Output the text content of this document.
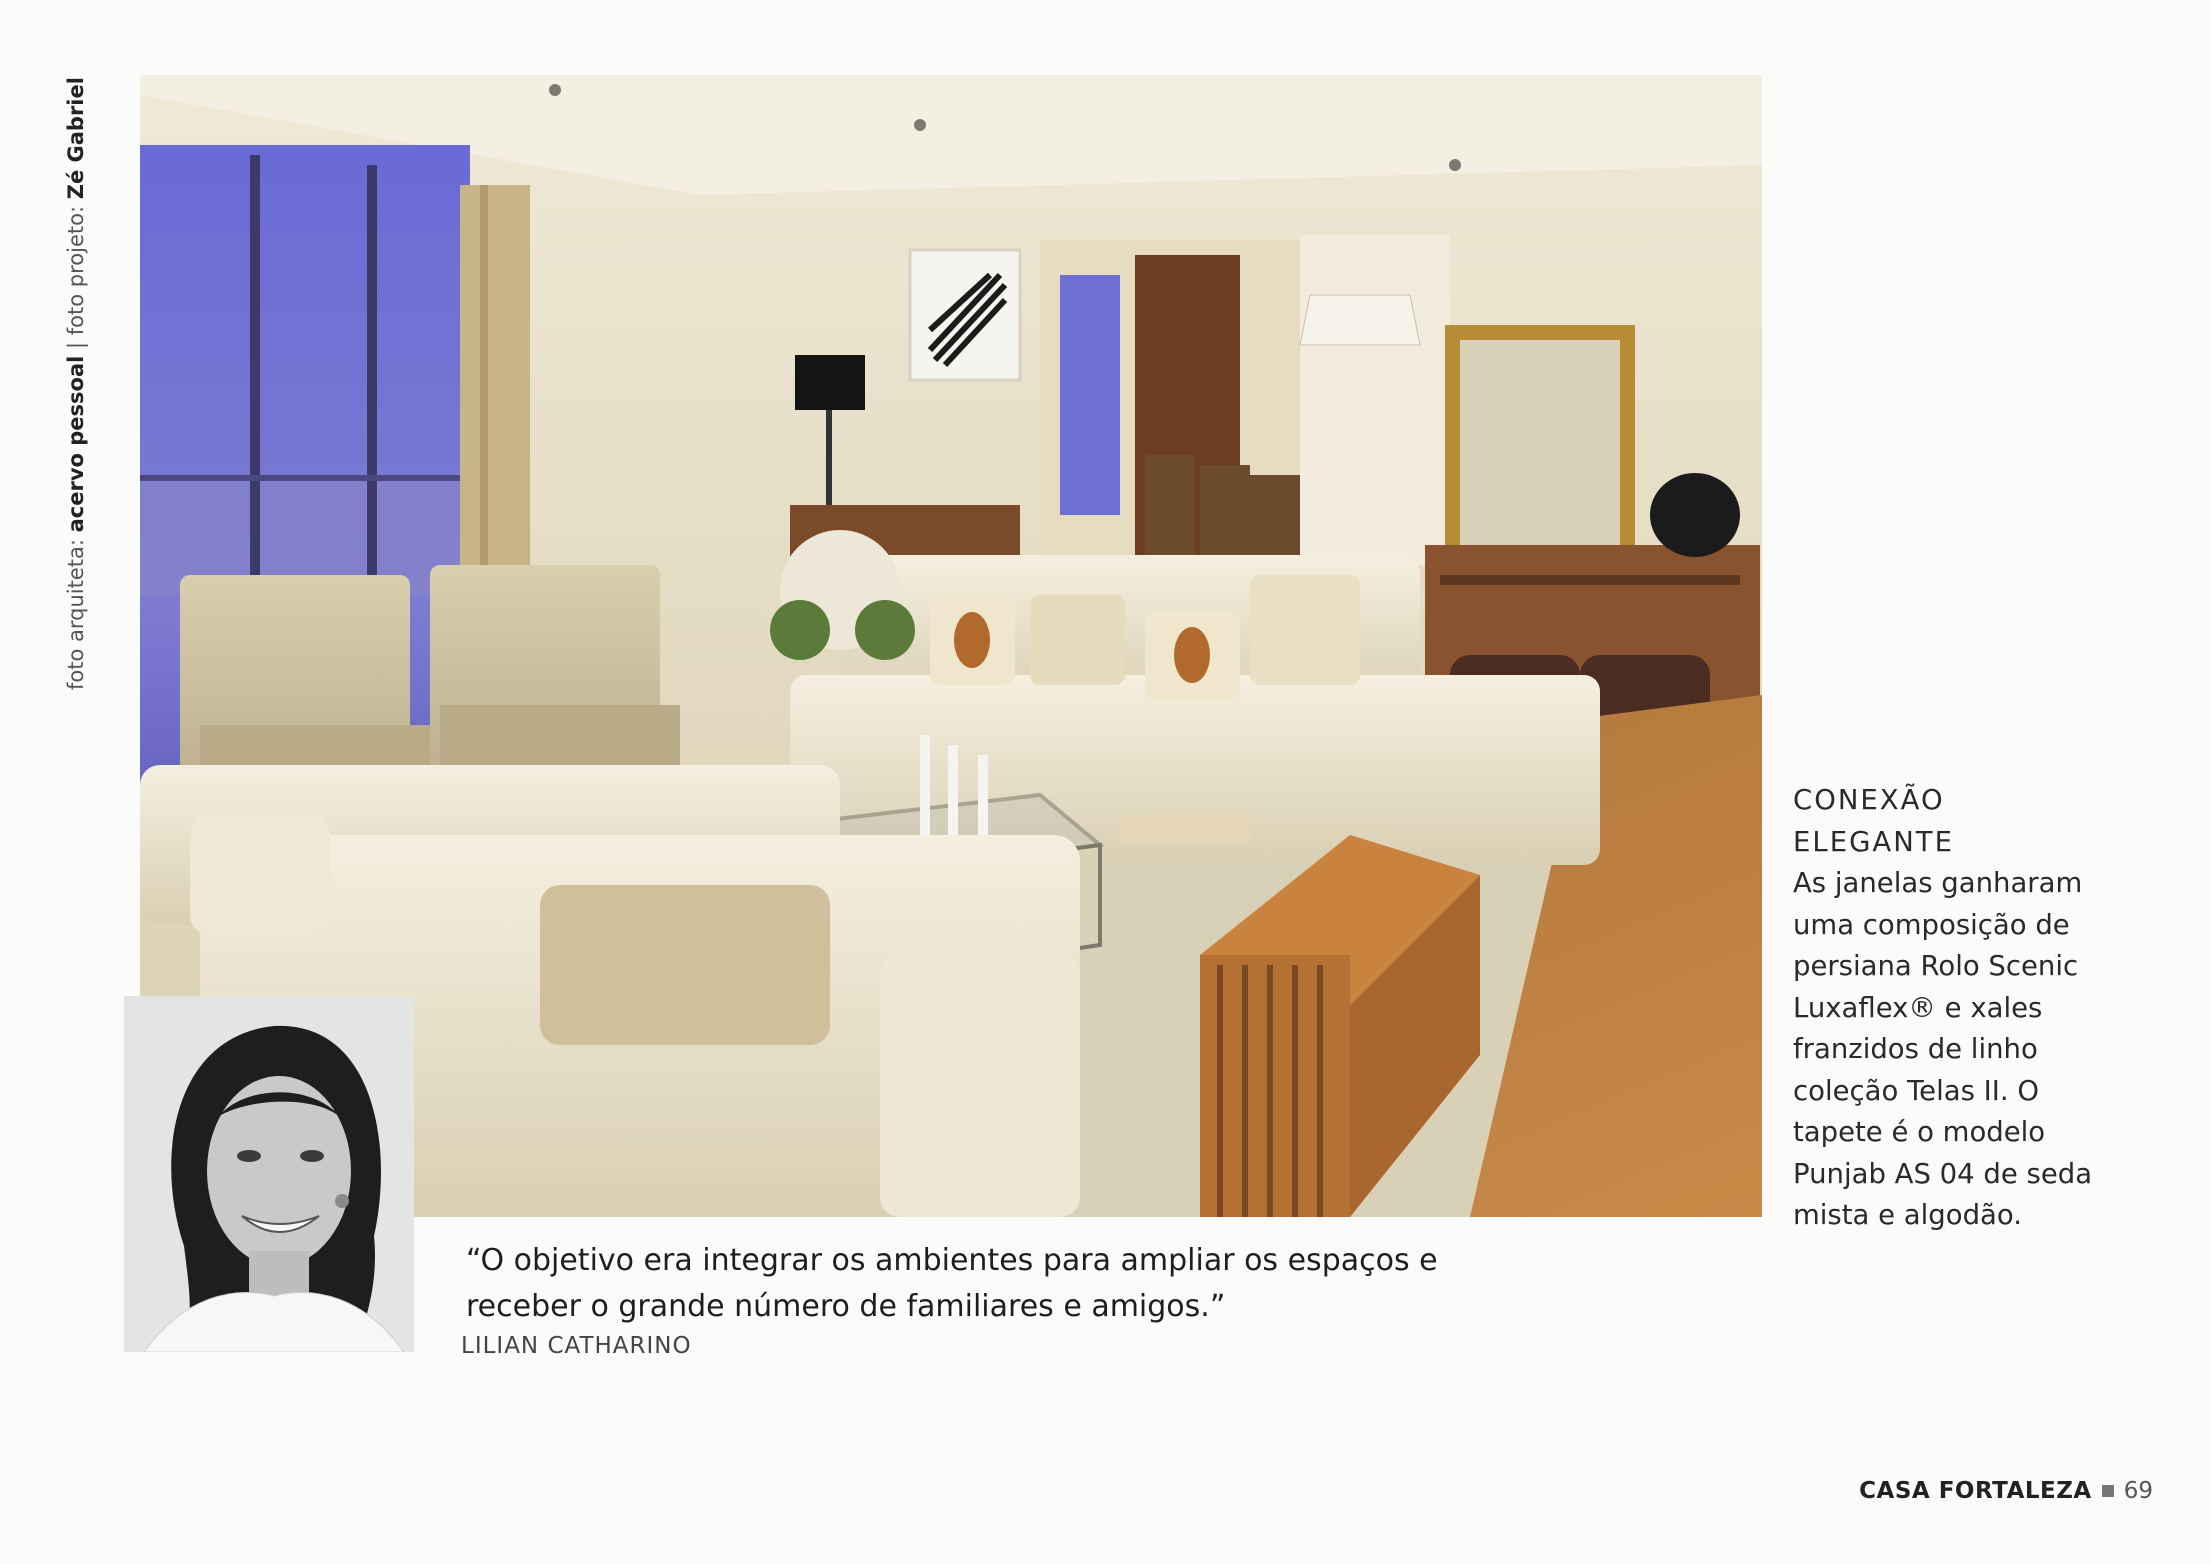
foto arquiteta: acervo pessoal | foto projeto: Zé Gabriel
“O objetivo era integrar os ambientes para ampliar os espaços e receber o grande número de familiares e amigos.”
LILIAN CATHARINO
CONEXÃO ELEGANTE

As janelas ganharam uma composição de persiana Rolo Scenic Luxaflex® e xales franzidos de linho coleção Telas II. O tapete é o modelo Punjab AS 04 de seda mista e algodão.

CASA FORTALEZA 69
